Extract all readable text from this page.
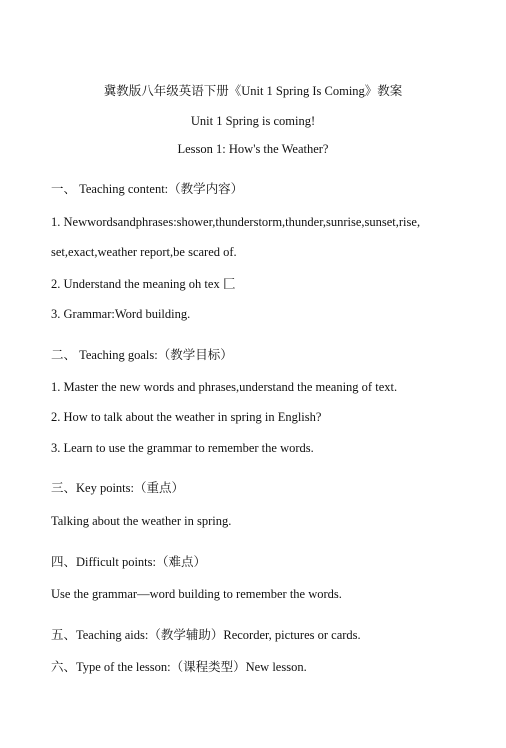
冀教版八年级英语下册《Unit 1 Spring Is Coming》教案
Unit 1 Spring is coming!
Lesson 1: How's the Weather?
一、 Teaching content:（教学内容）
1. Newwordsandphrases:shower,thunderstorm,thunder,sunrise,sunset,rise,
set,exact,weather report,be scared of.
2. Understand the meaning oh tex 匚
3. Grammar:Word building.
二、 Teaching goals:（教学目标）
1. Master the new words and phrases,understand the meaning of text.
2. How to talk about the weather in spring in English?
3. Learn to use the grammar to remember the words.
三、Key points:（重点）
Talking about the weather in spring.
四、Difficult points:（难点）
Use the grammar—word building to remember the words.
五、Teaching aids:（教学辅助）Recorder, pictures or cards.
六、Type of the lesson:（课程类型）New lesson.
